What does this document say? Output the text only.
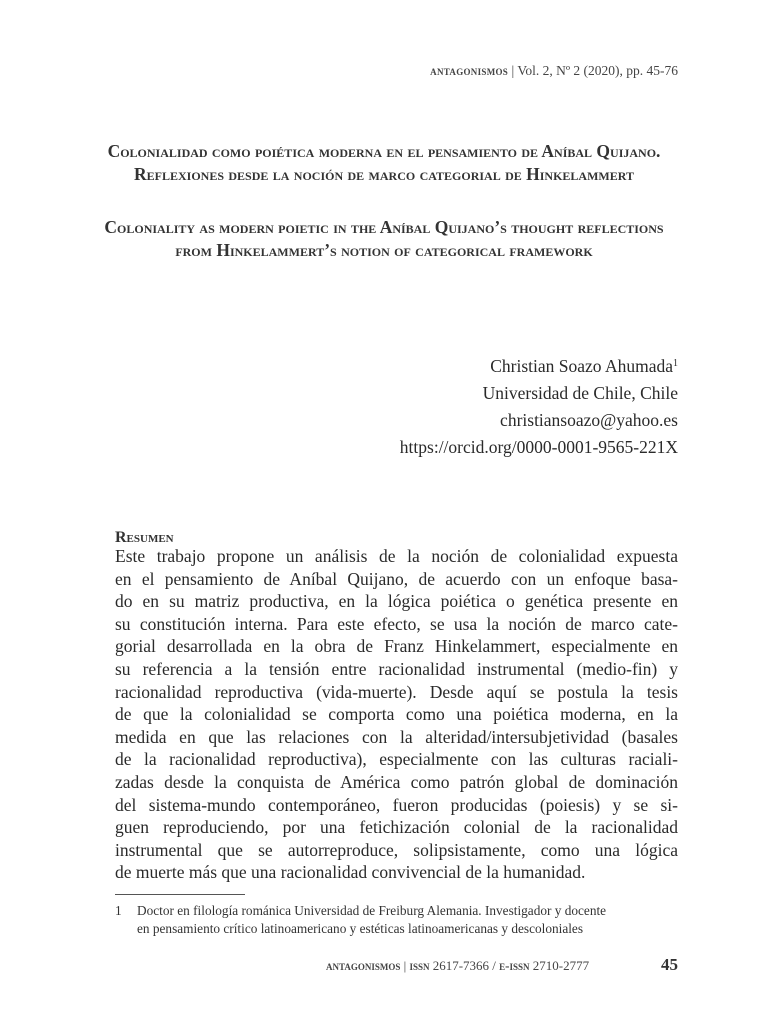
antagonismos | Vol. 2, Nº 2 (2020), pp. 45-76
Colonialidad como poiética moderna en el pensamiento de Aníbal Quijano. Reflexiones desde la noción de marco categorial de Hinkelammert
Coloniality as modern poietic in the Aníbal Quijano’s thought reflections from Hinkelammert’s notion of categorical framework
Christian Soazo Ahumada$^1$
Universidad de Chile, Chile
christiansoazo@yahoo.es
https://orcid.org/0000-0001-9565-221X
Resumen
Este trabajo propone un análisis de la noción de colonialidad expuesta
en el pensamiento de Aníbal Quijano, de acuerdo con un enfoque basa-
do en su matriz productiva, en la lógica poiética o genética presente en
su constitución interna. Para este efecto, se usa la noción de marco cate-
gorial desarrollada en la obra de Franz Hinkelammert, especialmente en
su referencia a la tensión entre racionalidad instrumental (medio-fin) y
racionalidad reproductiva (vida-muerte). Desde aquí se postula la tesis
de que la colonialidad se comporta como una poiética moderna, en la
medida en que las relaciones con la alteridad/intersubjetividad (basales
de la racionalidad reproductiva), especialmente con las culturas raciali-
zadas desde la conquista de América como patrón global de dominación
del sistema-mundo contemporáneo, fueron producidas (poiesis) y se si-
guen reproduciendo, por una fetichización colonial de la racionalidad
instrumental que se autorreproduce, solipsistamente, como una lógica
de muerte más que una racionalidad convivencial de la humanidad.
1 Doctor en filología románica Universidad de Freiburg Alemania. Investigador y docente
en pensamiento crítico latinoamericano y estéticas latinoamericanas y descoloniales
antagonismos | issn 2617-7366 / e-issn 2710-2777	45
